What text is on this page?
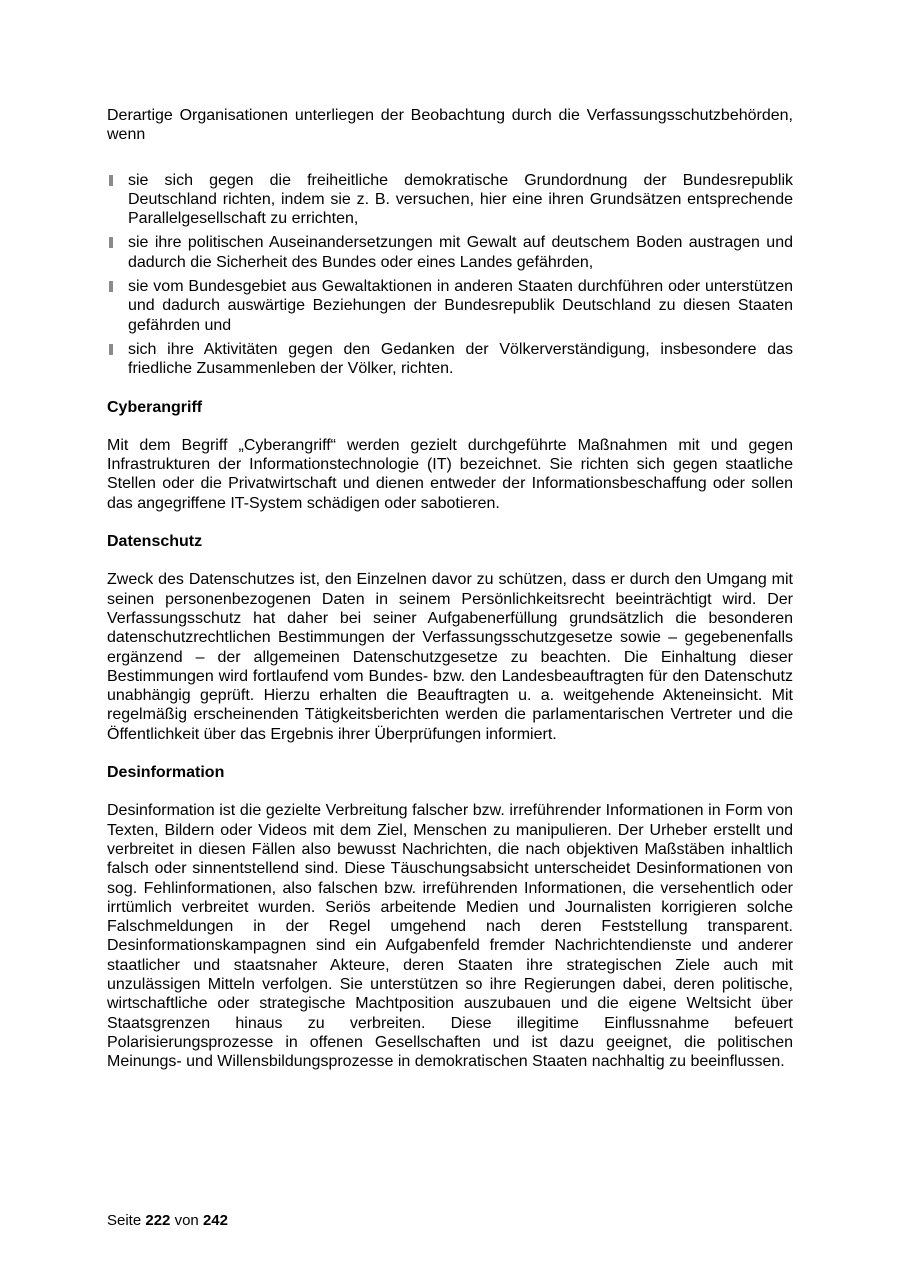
Derartige Organisationen unterliegen der Beobachtung durch die Verfassungsschutzbehörden, wenn

sie sich gegen die freiheitliche demokratische Grundordnung der Bundesrepublik Deutschland richten, indem sie z. B. versuchen, hier eine ihren Grundsätzen entsprechende Parallelgesellschaft zu errichten,
sie ihre politischen Auseinandersetzungen mit Gewalt auf deutschem Boden austragen und dadurch die Sicherheit des Bundes oder eines Landes gefährden,
sie vom Bundesgebiet aus Gewaltaktionen in anderen Staaten durchführen oder unterstützen und dadurch auswärtige Beziehungen der Bundesrepublik Deutschland zu diesen Staaten gefährden und
sich ihre Aktivitäten gegen den Gedanken der Völkerverständigung, insbesondere das friedliche Zusammenleben der Völker, richten.
Cyberangriff

Mit dem Begriff „Cyberangriff“ werden gezielt durchgeführte Maßnahmen mit und gegen Infrastrukturen der Informationstechnologie (IT) bezeichnet. Sie richten sich gegen staatliche Stellen oder die Privatwirtschaft und dienen entweder der Informationsbeschaffung oder sollen das angegriffene IT-System schädigen oder sabotieren.

Datenschutz

Zweck des Datenschutzes ist, den Einzelnen davor zu schützen, dass er durch den Umgang mit seinen personenbezogenen Daten in seinem Persönlichkeitsrecht beeinträchtigt wird. Der Verfassungsschutz hat daher bei seiner Aufgabenerfüllung grundsätzlich die besonderen datenschutzrechtlichen Bestimmungen der Verfassungsschutzgesetze sowie – gegebenenfalls ergänzend – der allgemeinen Datenschutzgesetze zu beachten. Die Einhaltung dieser Bestimmungen wird fortlaufend vom Bundes- bzw. den Landesbeauftragten für den Datenschutz unabhängig geprüft. Hierzu erhalten die Beauftragten u. a. weitgehende Akteneinsicht. Mit regelmäßig erscheinenden Tätigkeitsberichten werden die parlamentarischen Vertreter und die Öffentlichkeit über das Ergebnis ihrer Überprüfungen informiert.

Desinformation

Desinformation ist die gezielte Verbreitung falscher bzw. irreführender Informationen in Form von Texten, Bildern oder Videos mit dem Ziel, Menschen zu manipulieren. Der Urheber erstellt und verbreitet in diesen Fällen also bewusst Nachrichten, die nach objektiven Maßstäben inhaltlich falsch oder sinnentstellend sind. Diese Täuschungsabsicht unterscheidet Desinformationen von sog. Fehlinformationen, also falschen bzw. irreführenden Informationen, die versehentlich oder irrtümlich verbreitet wurden. Seriös arbeitende Medien und Journalisten korrigieren solche Falschmeldungen in der Regel umgehend nach deren Feststellung transparent. Desinformationskampagnen sind ein Aufgabenfeld fremder Nachrichtendienste und anderer staatlicher und staatsnaher Akteure, deren Staaten ihre strategischen Ziele auch mit unzulässigen Mitteln verfolgen. Sie unterstützen so ihre Regierungen dabei, deren politische, wirtschaftliche oder strategische Machtposition auszubauen und die eigene Weltsicht über Staatsgrenzen hinaus zu verbreiten. Diese illegitime Einflussnahme befeuert Polarisierungsprozesse in offenen Gesellschaften und ist dazu geeignet, die politischen Meinungs- und Willensbildungsprozesse in demokratischen Staaten nachhaltig zu beeinflussen.

Seite 222 von 242
